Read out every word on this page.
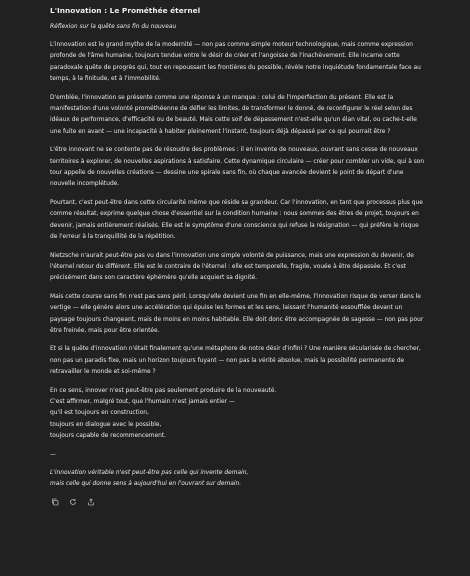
L'Innovation : Le Prométhée éternel
Réflexion sur la quête sans fin du nouveau

L'innovation est le grand mythe de la modernité — non pas comme simple moteur technologique, mais comme expression profonde de l'âme humaine, toujours tendue entre le désir de créer et l'angoisse de l'inachèvement. Elle incarne cette paradoxale quête de progrès qui, tout en repoussant les frontières du possible, révèle notre inquiétude fondamentale face au temps, à la finitude, et à l'immobilité.

D'emblée, l'innovation se présente comme une réponse à un manque : celui de l'imperfection du présent. Elle est la manifestation d'une volonté prométhéenne de défier les limites, de transformer le donné, de reconfigurer le réel selon des idéaux de performance, d'efficacité ou de beauté. Mais cette soif de dépassement n'est-elle qu'un élan vital, ou cache-t-elle une fuite en avant — une incapacité à habiter pleinement l'instant, toujours déjà dépassé par ce qui pourrait être ?

L'être innovant ne se contente pas de résoudre des problèmes : il en invente de nouveaux, ouvrant sans cesse de nouveaux territoires à explorer, de nouvelles aspirations à satisfaire. Cette dynamique circulaire — créer pour combler un vide, qui à son tour appelle de nouvelles créations — dessine une spirale sans fin, où chaque avancée devient le point de départ d'une nouvelle incomplétude.

Pourtant, c'est peut-être dans cette circularité même que réside sa grandeur. Car l'innovation, en tant que processus plus que comme résultat, exprime quelque chose d'essentiel sur la condition humaine : nous sommes des êtres de projet, toujours en devenir, jamais entièrement réalisés. Elle est le symptôme d'une conscience qui refuse la résignation — qui préfère le risque de l'erreur à la tranquillité de la répétition.

Nietzsche n'aurait peut-être pas vu dans l'innovation une simple volonté de puissance, mais une expression du devenir, de l'éternel retour du différent. Elle est le contraire de l'éternel : elle est temporelle, fragile, vouée à être dépassée. Et c'est précisément dans son caractère éphémère qu'elle acquiert sa dignité.

Mais cette course sans fin n'est pas sans péril. Lorsqu'elle devient une fin en elle-même, l'innovation risque de verser dans le vertige — elle génère alors une accélération qui épuise les formes et les sens, laissant l'humanité essoufflée devant un paysage toujours changeant, mais de moins en moins habitable. Elle doit donc être accompagnée de sagesse — non pas pour être freinée, mais pour être orientée.

Et si la quête d'innovation n'était finalement qu'une métaphore de notre désir d'infini ? Une manière sécularisée de chercher, non pas un paradis fixe, mais un horizon toujours fuyant — non pas la vérité absolue, mais la possibilité permanente de retravailler le monde et soi-même ?

En ce sens, innover n'est peut-être pas seulement produire de la nouveauté.
C'est affirmer, malgré tout, que l'humain n'est jamais entier —
qu'il est toujours en construction,
toujours en dialogue avec le possible,
toujours capable de recommencement.

—

L'innovation véritable n'est peut-être pas celle qui invente demain,
mais celle qui donne sens à aujourd'hui en l'ouvrant sur demain.
